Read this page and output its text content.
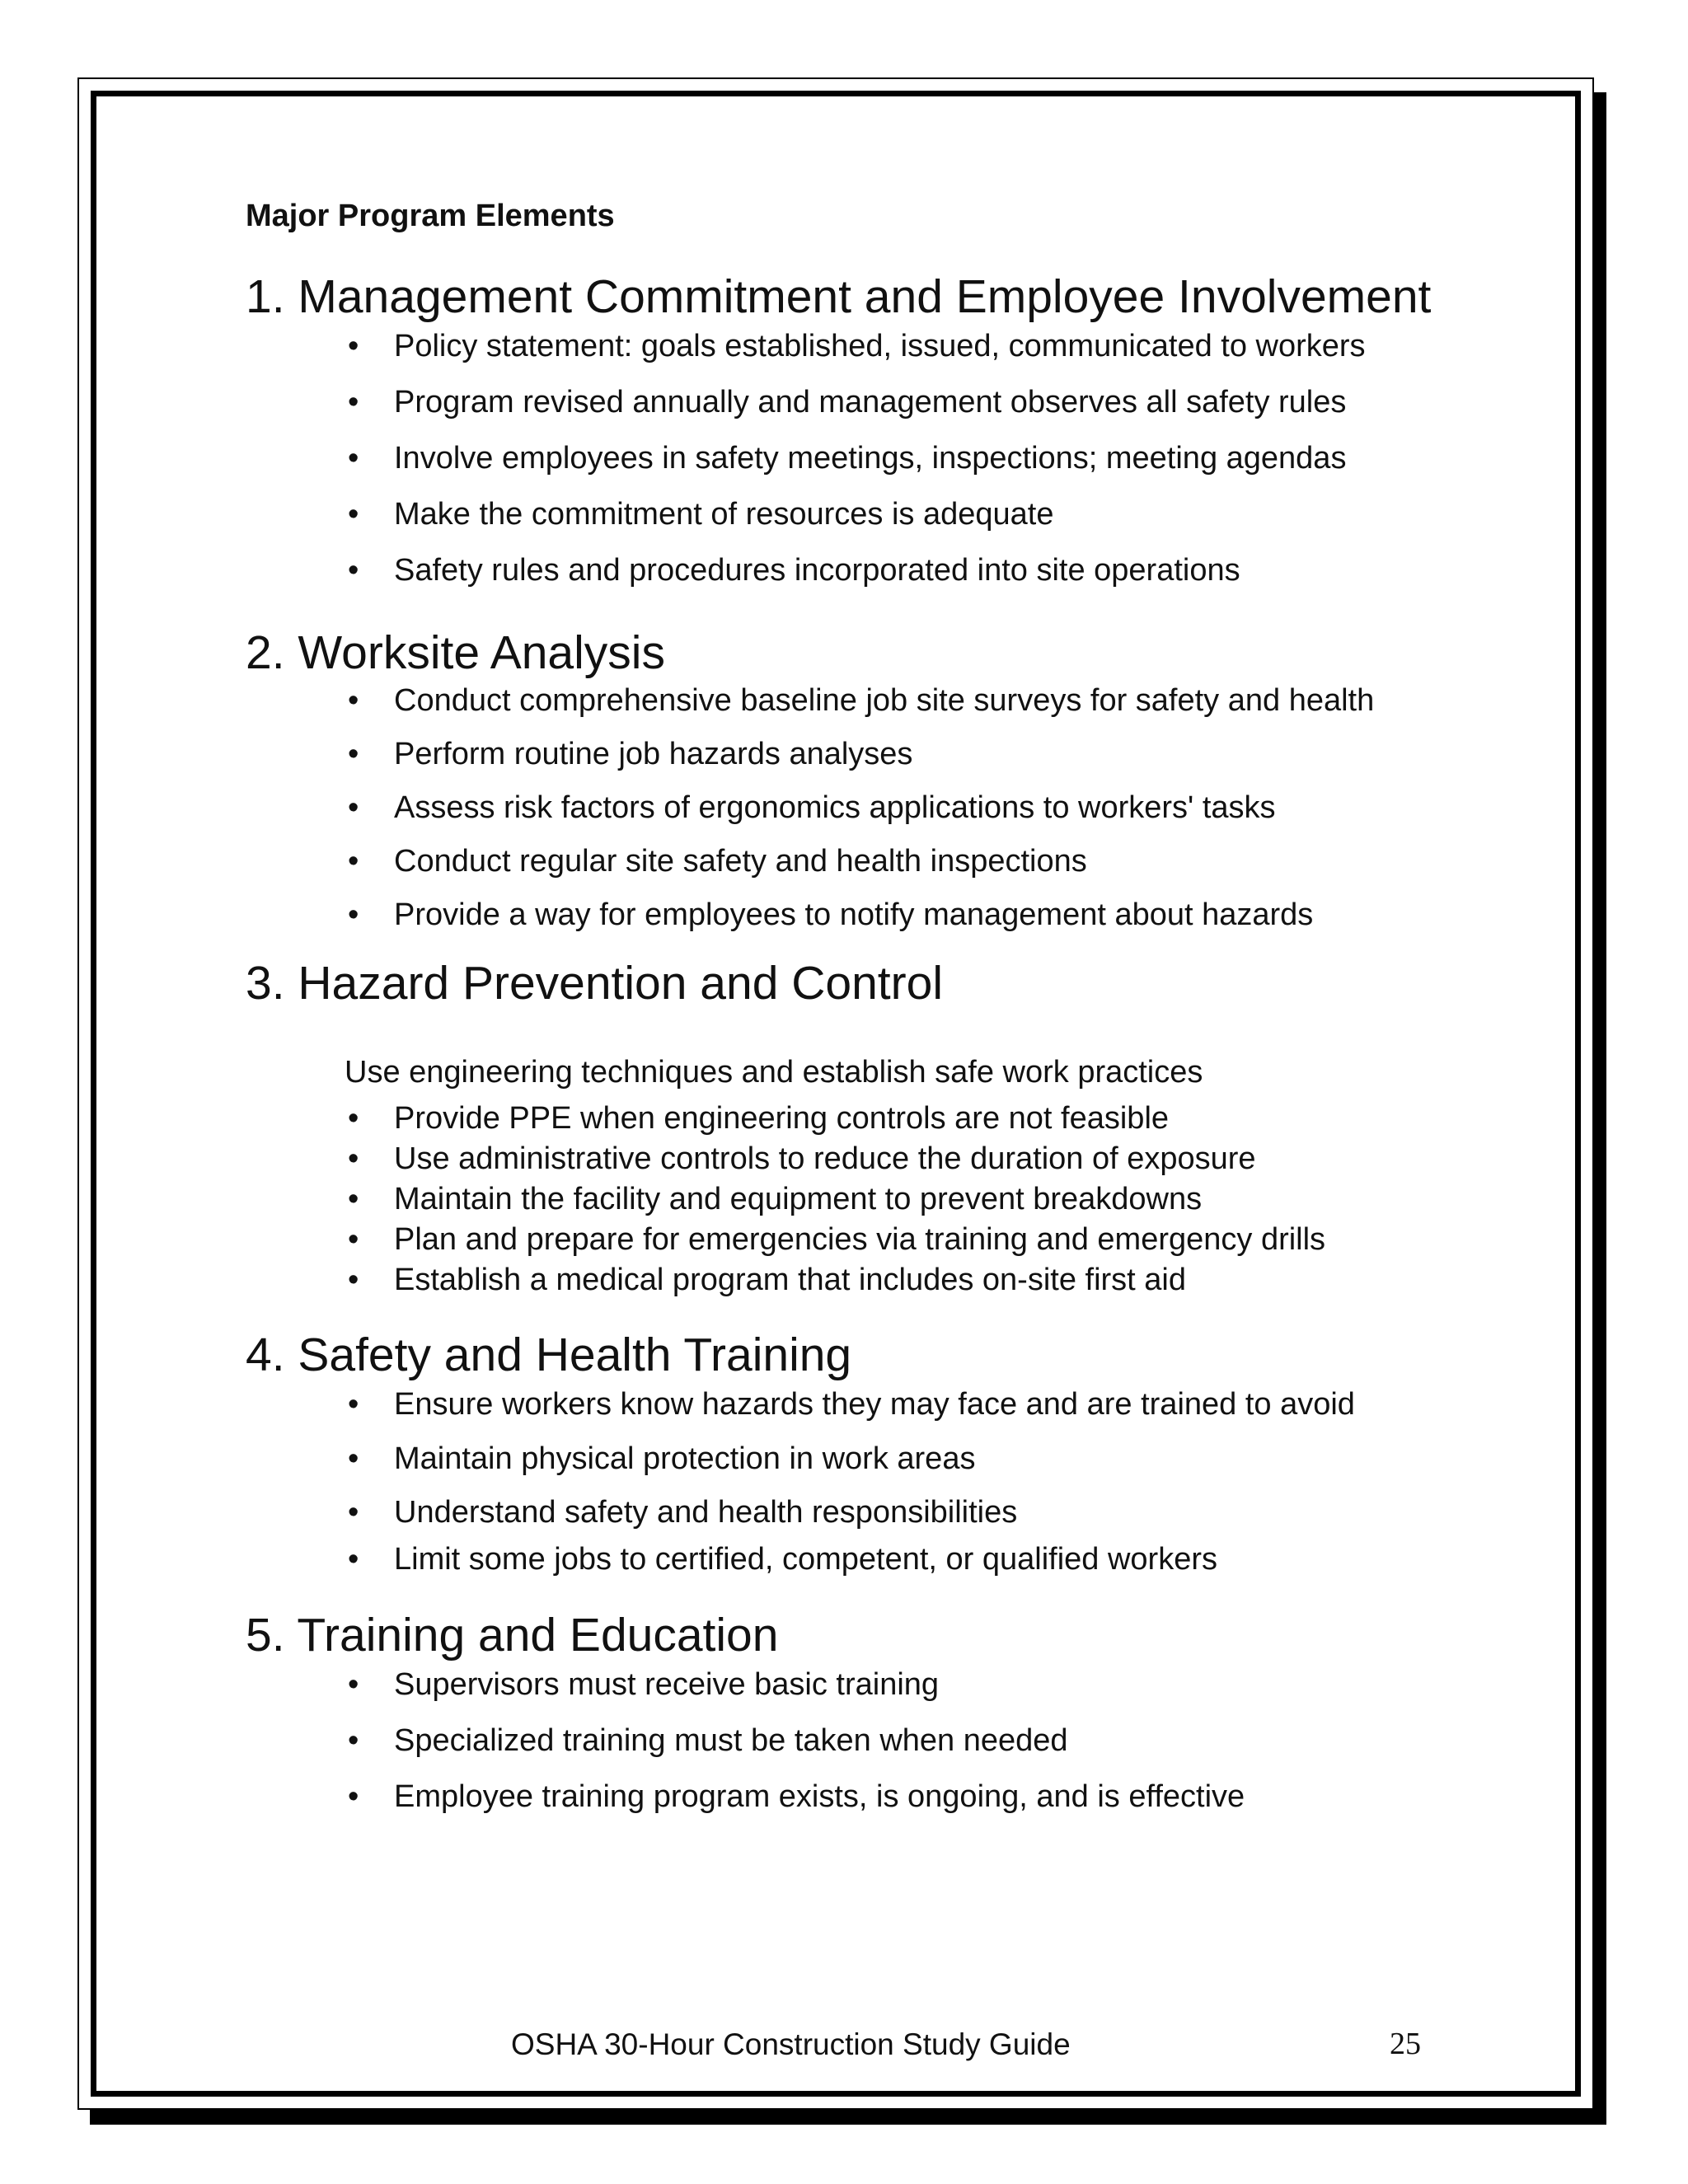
Major Program Elements
1. Management Commitment and Employee Involvement
• Policy statement: goals established, issued, communicated to workers
• Program revised annually and management observes all safety rules
• Involve employees in safety meetings, inspections; meeting agendas
• Make the commitment of resources is adequate
• Safety rules and procedures incorporated into site operations
2. Worksite Analysis
• Conduct comprehensive baseline job site surveys for safety and health
• Perform routine job hazards analyses
• Assess risk factors of ergonomics applications to workers' tasks
• Conduct regular site safety and health inspections
• Provide a way for employees to notify management about hazards
3. Hazard Prevention and Control

Use engineering techniques and establish safe work practices

• Provide PPE when engineering controls are not feasible
• Use administrative controls to reduce the duration of exposure
• Maintain the facility and equipment to prevent breakdowns
• Plan and prepare for emergencies via training and emergency drills
• Establish a medical program that includes on-site first aid
4. Safety and Health Training
• Ensure workers know hazards they may face and are trained to avoid
• Maintain physical protection in work areas
• Understand safety and health responsibilities
• Limit some jobs to certified, competent, or qualified workers
5. Training and Education
• Supervisors must receive basic training
• Specialized training must be taken when needed
• Employee training program exists, is ongoing, and is effective
OSHA 30-Hour Construction Study Guide	25
